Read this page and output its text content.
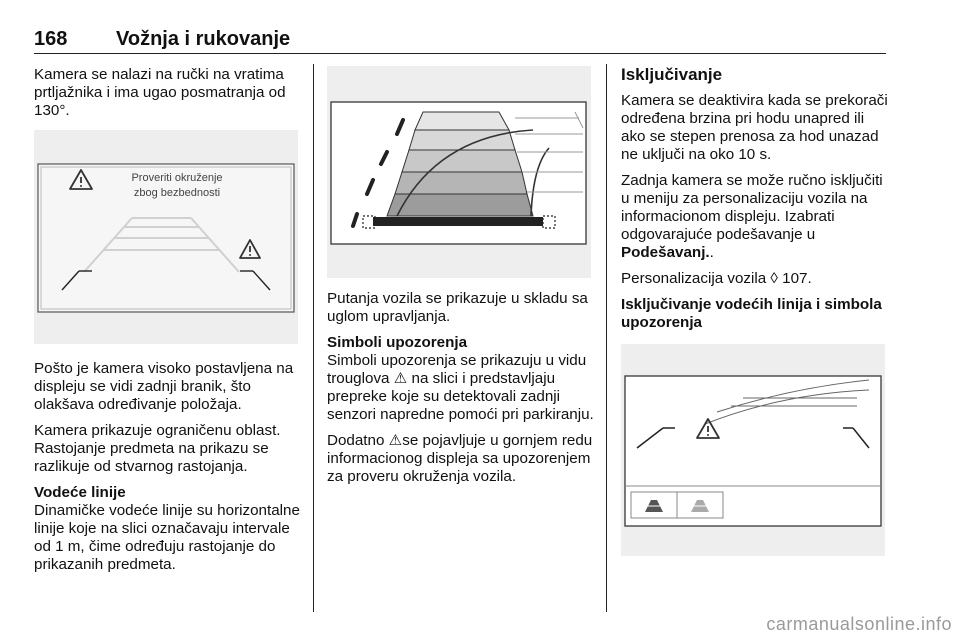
168 Vožnja i rukovanje

Kamera se nalazi na ručki na vratima prtljažnika i ima ugao posmatranja od 130°.

Proveriti okruženje
zbog bezbednosti

Pošto je kamera visoko postavljena na displeju se vidi zadnji branik, što olakšava određivanje položaja.

Kamera prikazuje ograničenu oblast. Rastojanje predmeta na prikazu se razlikuje od stvarnog rastojanja.

Vodeće linije

Dinamičke vodeće linije su horizontalne linije koje na slici označavaju intervale od 1 m, čime određuju rastojanje do prikazanih predmeta.

Putanja vozila se prikazuje u skladu sa uglom upravljanja.

Simboli upozorenja

Simboli upozorenja se prikazuju u vidu trouglova ⚠ na slici i predstavljaju prepreke koje su detektovali zadnji senzori napredne pomoći pri parkiranju.

Dodatno ⚠se pojavljuje u gornjem redu informacionog displeja sa upozorenjem za proveru okruženja vozila.

Isključivanje

Kamera se deaktivira kada se prekorači određena brzina pri hodu unapred ili ako se stepen prenosa za hod unazad ne uključi na oko 10 s.

Zadnja kamera se može ručno isključiti u meniju za personalizaciju vozila na informacionom displeju. Izabrati odgovarajuće podešavanje u Podešavanj..

Personalizacija vozila ◊ 107.

Isključivanje vodećih linija i simbola upozorenja
carmanualsonline.info
